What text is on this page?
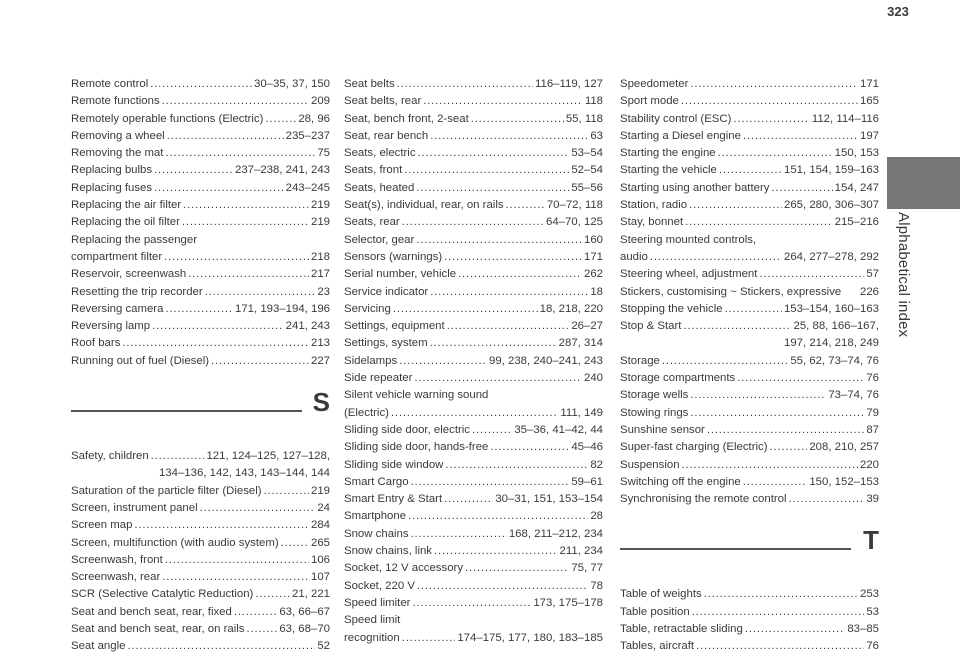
323
Alphabetical index
Remote control .....	30–35, 37, 150
Remote functions .....	209
Remotely operable functions (Electric) .....	28, 96
Removing a wheel .....	235–237
Removing the mat .....	75
Replacing bulbs .....	237–238, 241, 243
Replacing fuses .....	243–245
Replacing the air filter .....	219
Replacing the oil filter .....	219
Replacing the passenger
compartment filter .....	218
Reservoir, screenwash .....	217
Resetting the trip recorder .....	23
Reversing camera .....	171, 193–194, 196
Reversing lamp .....	241, 243
Roof bars .....	213
Running out of fuel (Diesel) .....	227
S
Safety, children .....	121, 124–125, 127–128,
134–136, 142, 143, 143–144, 144
Saturation of the particle filter (Diesel) .....	219
Screen, instrument panel .....	24
Screen map .....	284
Screen, multifunction (with audio system) .....	265
Screenwash, front .....	106
Screenwash, rear .....	107
SCR (Selective Catalytic Reduction) .....	21, 221
Seat and bench seat, rear, fixed .....	63, 66–67
Seat and bench seat, rear, on rails .....	63, 68–70
Seat angle .....	52
Seat belts .....	116–119, 127
Seat belts, rear .....	118
Seat, bench front, 2-seat .....	55, 118
Seat, rear bench .....	63
Seats, electric .....	53–54
Seats, front .....	52–54
Seats, heated .....	55–56
Seat(s), individual, rear, on rails .....	70–72, 118
Seats, rear .....	64–70, 125
Selector, gear .....	160
Sensors (warnings) .....	171
Serial number, vehicle .....	262
Service indicator .....	18
Servicing .....	18, 218, 220
Settings, equipment .....	26–27
Settings, system .....	287, 314
Sidelamps .....	99, 238, 240–241, 243
Side repeater .....	240
Silent vehicle warning sound
(Electric) .....	111, 149
Sliding side door, electric .....	35–36, 41–42, 44
Sliding side door, hands-free .....	45–46
Sliding side window .....	82
Smart Cargo .....	59–61
Smart Entry & Start .....	30–31, 151, 153–154
Smartphone .....	28
Snow chains .....	168, 211–212, 234
Snow chains, link .....	211, 234
Socket, 12 V accessory .....	75, 77
Socket, 220 V .....	78
Speed limiter .....	173, 175–178
Speed limit
recognition .....	174–175, 177, 180, 183–185
Speedometer .....	171
Sport mode .....	165
Stability control (ESC) .....	112, 114–116
Starting a Diesel engine .....	197
Starting the engine .....	150, 153
Starting the vehicle .....	151, 154, 159–163
Starting using another battery .....	154, 247
Station, radio .....	265, 280, 306–307
Stay, bonnet .....	215–216
Steering mounted controls,
audio .....	264, 277–278, 292
Steering wheel, adjustment .....	57
Stickers, customising ~ Stickers, expressive 226
Stopping the vehicle .....	153–154, 160–163
Stop & Start .....	25, 88, 166–167,
197, 214, 218, 249
Storage .....	55, 62, 73–74, 76
Storage compartments .....	76
Storage wells .....	73–74, 76
Stowing rings .....	79
Sunshine sensor .....	87
Super-fast charging (Electric) .....	208, 210, 257
Suspension .....	220
Switching off the engine .....	150, 152–153
Synchronising the remote control .....	39
T
Table of weights .....	253
Table position .....	53
Table, retractable sliding .....	83–85
Tables, aircraft .....	76
